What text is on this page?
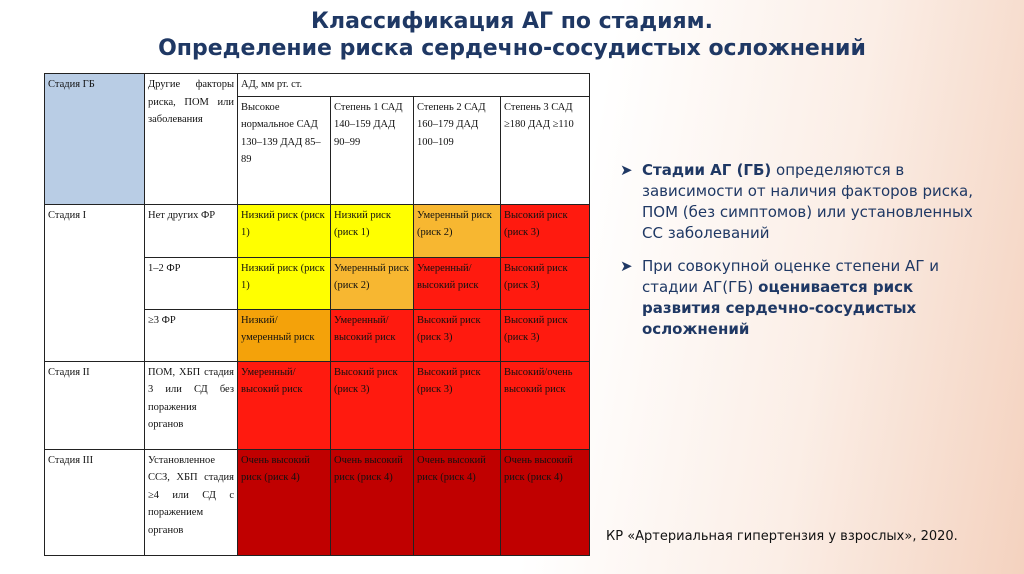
Классификация АГ по стадиям.
Определение риска сердечно-сосудистых осложнений
Стадия ГБ	Другие факторы риска, ПОМ или заболевания	АД, мм рт. ст.			
		Высокое нормальное САД 130–139 ДАД 85–89	Степень 1 САД 140–159 ДАД 90–99	Степень 2 САД 160–179 ДАД 100–109	Степень 3 САД ≥180 ДАД ≥110
Стадия I	Нет других ФР	Низкий риск (риск 1)	Низкий риск (риск 1)	Умеренный риск (риск 2)	Высокий риск (риск 3)
	1–2 ФР	Низкий риск (риск 1)	Умеренный риск (риск 2)	Умеренный/ высокий риск	Высокий риск (риск 3)
	≥3 ФР	Низкий/ умеренный риск	Умеренный/ высокий риск	Высокий риск (риск 3)	Высокий риск (риск 3)
Стадия II	ПОМ, ХБП стадия 3 или СД без поражения органов	Умеренный/ высокий риск	Высокий риск (риск 3)	Высокий риск (риск 3)	Высокий/очень высокий риск
Стадия III	Установленное ССЗ, ХБП стадия ≥4 или СД с поражением органов	Очень высокий риск (риск 4)	Очень высокий риск (риск 4)	Очень высокий риск (риск 4)	Очень высокий риск (риск 4)
➤ Стадии АГ (ГБ) определяются в зависимости от наличия факторов риска, ПОМ (без симптомов) или установленных СС заболеваний
➤ При совокупной оценке степени АГ и стадии АГ(ГБ) оценивается риск развития сердечно-сосудистых осложнений
КР «Артериальная гипертензия у взрослых», 2020.
